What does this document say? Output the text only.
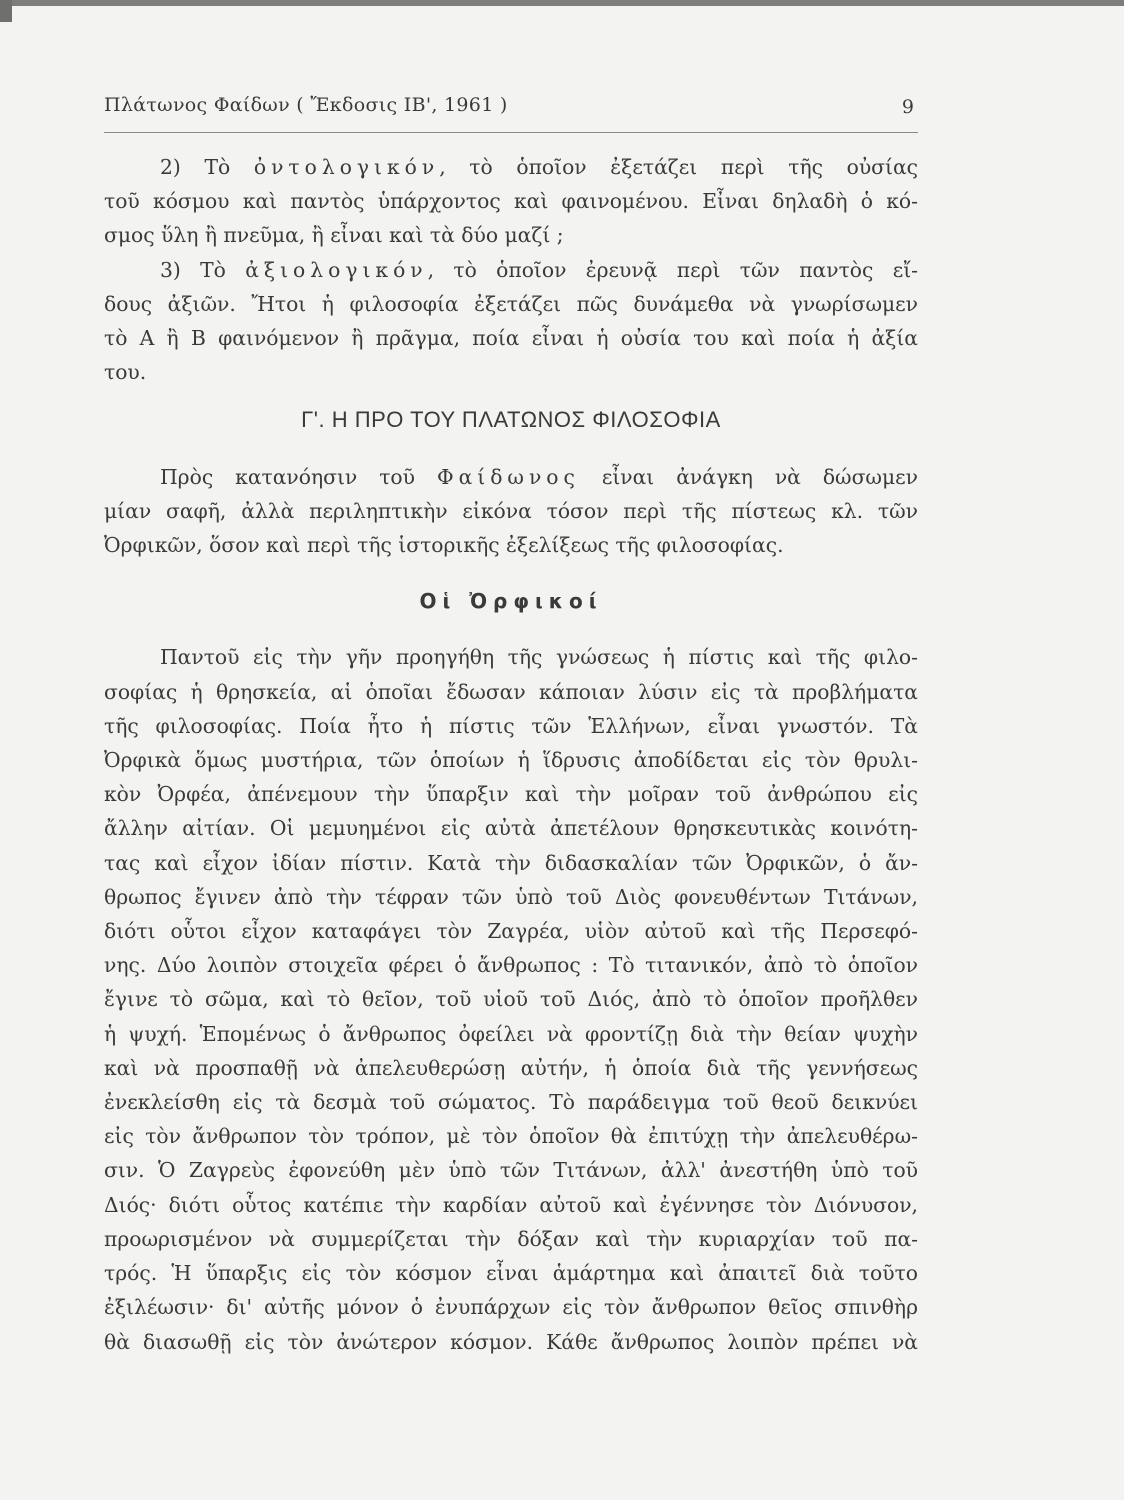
Πλάτωνος Φαίδων ( Ἔκδοσις ΙΒ', 1961 )	9
2) Τὸ ὀντολογικόν, τὸ ὁποῖον ἐξετάζει περὶ τῆς οὐσίας
τοῦ κόσμου καὶ παντὸς ὑπάρχοντος καὶ φαινομένου. Εἶναι δηλαδὴ ὁ κό-
σμος ὕλη ἢ πνεῦμα, ἢ εἶναι καὶ τὰ δύο μαζί ;
3) Τὸ ἀξιολογικόν, τὸ ὁποῖον ἐρευνᾷ περὶ τῶν παντὸς εἴ-
δους ἀξιῶν. Ἤτοι ἡ φιλοσοφία ἐξετάζει πῶς δυνάμεθα νὰ γνωρίσωμεν
τὸ Α ἢ Β φαινόμενον ἢ πρᾶγμα, ποία εἶναι ἡ οὐσία του καὶ ποία ἡ ἀξία
του.
Γ'. Η ΠΡΟ ΤΟΥ ΠΛΑΤΩΝΟΣ ΦΙΛΟΣΟΦΙΑ
Πρὸς κατανόησιν τοῦ Φαίδωνος εἶναι ἀνάγκη νὰ δώσωμεν
μίαν σαφῆ, ἀλλὰ περιληπτικὴν εἰκόνα τόσον περὶ τῆς πίστεως κλ. τῶν
Ὀρφικῶν, ὅσον καὶ περὶ τῆς ἱστορικῆς ἐξελίξεως τῆς φιλοσοφίας.
Οἱ Ὀρφικοί
Παντοῦ εἰς τὴν γῆν προηγήθη τῆς γνώσεως ἡ πίστις καὶ τῆς φιλο-
σοφίας ἡ θρησκεία, αἱ ὁποῖαι ἔδωσαν κάποιαν λύσιν εἰς τὰ προβλήματα
τῆς φιλοσοφίας. Ποία ἦτο ἡ πίστις τῶν Ἑλλήνων, εἶναι γνωστόν. Τὰ
Ὀρφικὰ ὅμως μυστήρια, τῶν ὁποίων ἡ ἵδρυσις ἀποδίδεται εἰς τὸν θρυλι-
κὸν Ὀρφέα, ἀπένεμουν τὴν ὕπαρξιν καὶ τὴν μοῖραν τοῦ ἀνθρώπου εἰς
ἄλλην αἰτίαν. Οἱ μεμυημένοι εἰς αὐτὰ ἀπετέλουν θρησκευτικὰς κοινότη-
τας καὶ εἶχον ἰδίαν πίστιν. Κατὰ τὴν διδασκαλίαν τῶν Ὀρφικῶν, ὁ ἄν-
θρωπος ἔγινεν ἀπὸ τὴν τέφραν τῶν ὑπὸ τοῦ Διὸς φονευθέντων Τιτάνων,
διότι οὗτοι εἶχον καταφάγει τὸν Ζαγρέα, υἱὸν αὐτοῦ καὶ τῆς Περσεφό-
νης. Δύο λοιπὸν στοιχεῖα φέρει ὁ ἄνθρωπος : Τὸ τιτανικόν, ἀπὸ τὸ ὁποῖον
ἔγινε τὸ σῶμα, καὶ τὸ θεῖον, τοῦ υἱοῦ τοῦ Διός, ἀπὸ τὸ ὁποῖον προῆλθεν
ἡ ψυχή. Ἑπομένως ὁ ἄνθρωπος ὀφείλει νὰ φροντίζῃ διὰ τὴν θείαν ψυχὴν
καὶ νὰ προσπαθῇ νὰ ἀπελευθερώσῃ αὐτήν, ἡ ὁποία διὰ τῆς γεννήσεως
ἐνεκλείσθη εἰς τὰ δεσμὰ τοῦ σώματος. Τὸ παράδειγμα τοῦ θεοῦ δεικνύει
εἰς τὸν ἄνθρωπον τὸν τρόπον, μὲ τὸν ὁποῖον θὰ ἐπιτύχῃ τὴν ἀπελευθέρω-
σιν. Ὁ Ζαγρεὺς ἐφονεύθη μὲν ὑπὸ τῶν Τιτάνων, ἀλλ' ἀνεστήθη ὑπὸ τοῦ
Διός· διότι οὗτος κατέπιε τὴν καρδίαν αὐτοῦ καὶ ἐγέννησε τὸν Διόνυσον,
προωρισμένον νὰ συμμερίζεται τὴν δόξαν καὶ τὴν κυριαρχίαν τοῦ πα-
τρός. Ἡ ὕπαρξις εἰς τὸν κόσμον εἶναι ἁμάρτημα καὶ ἀπαιτεῖ διὰ τοῦτο
ἐξιλέωσιν· δι' αὐτῆς μόνον ὁ ἐνυπάρχων εἰς τὸν ἄνθρωπον θεῖος σπινθὴρ
θὰ διασωθῇ εἰς τὸν ἀνώτερον κόσμον. Κάθε ἄνθρωπος λοιπὸν πρέπει νὰ
